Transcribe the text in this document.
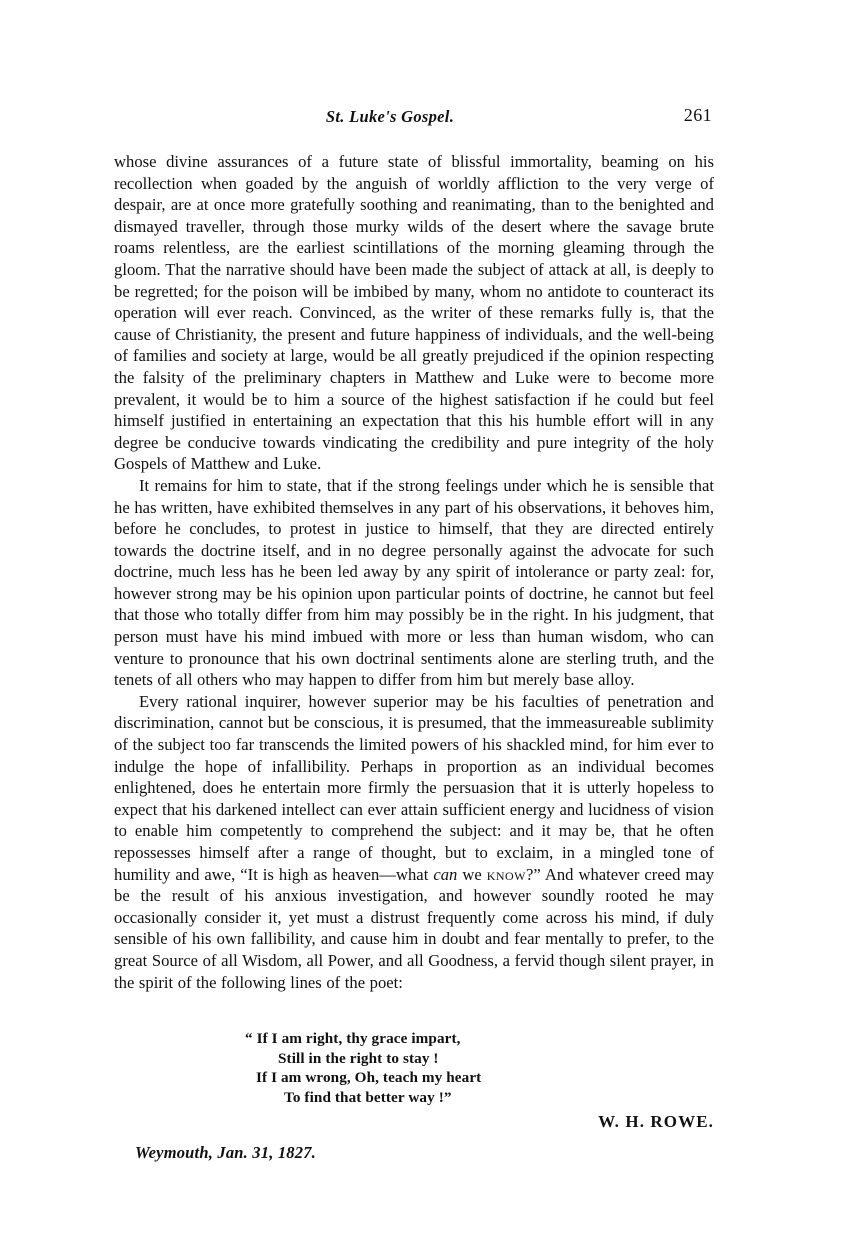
St. Luke's Gospel.	261

whose divine assurances of a future state of blissful immortality, beaming on his recollection when goaded by the anguish of worldly affliction to the very verge of despair, are at once more gratefully soothing and reanimating, than to the benighted and dismayed traveller, through those murky wilds of the desert where the savage brute roams relentless, are the earliest scintillations of the morning gleaming through the gloom. That the narrative should have been made the subject of attack at all, is deeply to be regretted; for the poison will be imbibed by many, whom no antidote to counteract its operation will ever reach. Convinced, as the writer of these remarks fully is, that the cause of Christianity, the present and future happiness of individuals, and the well-being of families and society at large, would be all greatly prejudiced if the opinion respecting the falsity of the preliminary chapters in Matthew and Luke were to become more prevalent, it would be to him a source of the highest satisfaction if he could but feel himself justified in entertaining an expectation that this his humble effort will in any degree be conducive towards vindicating the credibility and pure integrity of the holy Gospels of Matthew and Luke.

It remains for him to state, that if the strong feelings under which he is sensible that he has written, have exhibited themselves in any part of his observations, it behoves him, before he concludes, to protest in justice to himself, that they are directed entirely towards the doctrine itself, and in no degree personally against the advocate for such doctrine, much less has he been led away by any spirit of intolerance or party zeal: for, however strong may be his opinion upon particular points of doctrine, he cannot but feel that those who totally differ from him may possibly be in the right. In his judgment, that person must have his mind imbued with more or less than human wisdom, who can venture to pronounce that his own doctrinal sentiments alone are sterling truth, and the tenets of all others who may happen to differ from him but merely base alloy.

Every rational inquirer, however superior may be his faculties of penetration and discrimination, cannot but be conscious, it is presumed, that the immeasureable sublimity of the subject too far transcends the limited powers of his shackled mind, for him ever to indulge the hope of infallibility. Perhaps in proportion as an individual becomes enlightened, does he entertain more firmly the persuasion that it is utterly hopeless to expect that his darkened intellect can ever attain sufficient energy and lucidness of vision to enable him competently to comprehend the subject: and it may be, that he often repossesses himself after a range of thought, but to exclaim, in a mingled tone of humility and awe, “It is high as heaven—what can we know?” And whatever creed may be the result of his anxious investigation, and however soundly rooted he may occasionally consider it, yet must a distrust frequently come across his mind, if duly sensible of his own fallibility, and cause him in doubt and fear mentally to prefer, to the great Source of all Wisdom, all Power, and all Goodness, a fervid though silent prayer, in the spirit of the following lines of the poet:

“ If I am right, thy grace impart,
Still in the right to stay !
If I am wrong, Oh, teach my heart
To find that better way !”
W. H. ROWE.
Weymouth, Jan. 31, 1827.
